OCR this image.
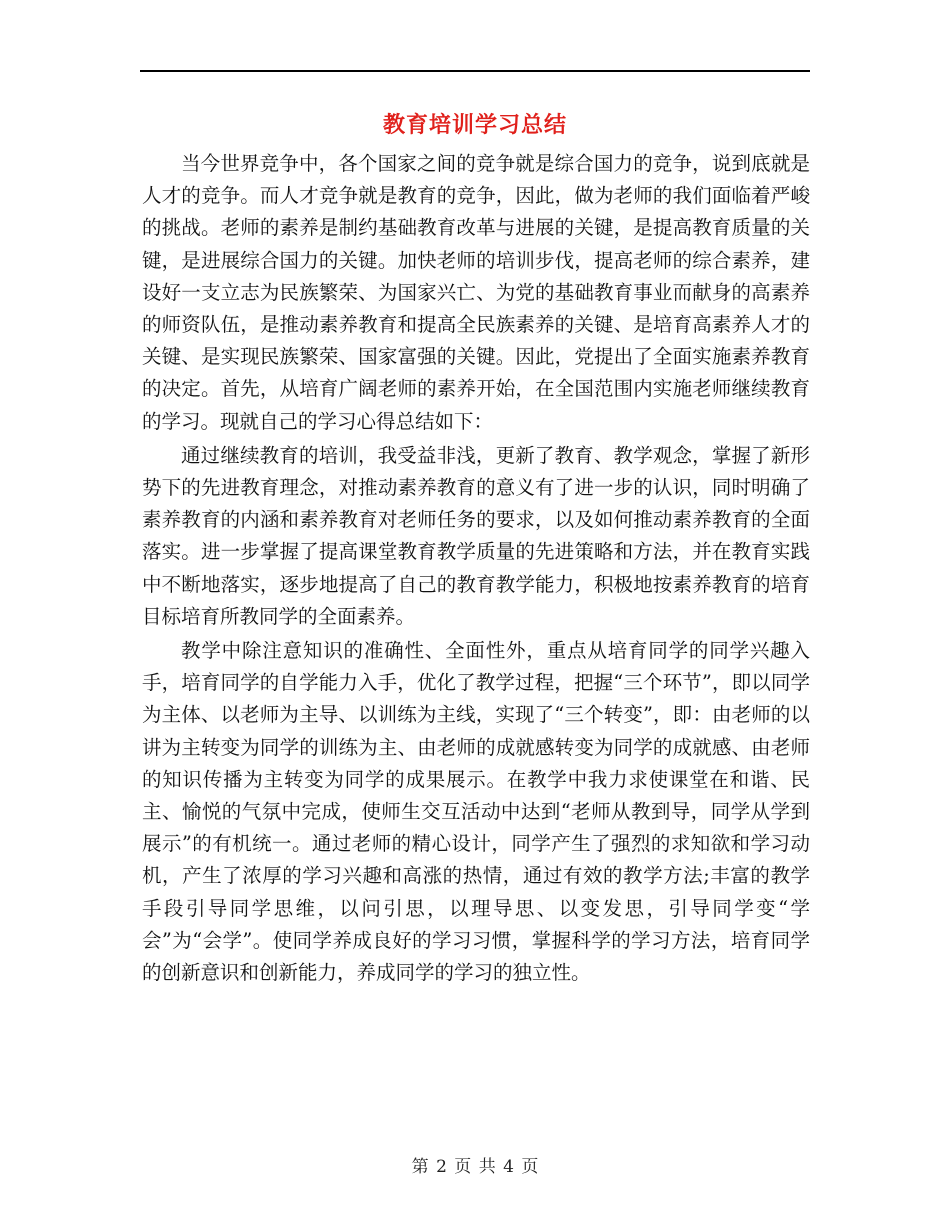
教育培训学习总结

当今世界竞争中，各个国家之间的竞争就是综合国力的竞争，说到底就是人才的竞争。而人才竞争就是教育的竞争，因此，做为老师的我们面临着严峻的挑战。老师的素养是制约基础教育改革与进展的关键，是提高教育质量的关键，是进展综合国力的关键。加快老师的培训步伐，提高老师的综合素养，建设好一支立志为民族繁荣、为国家兴亡、为党的基础教育事业而献身的高素养的师资队伍，是推动素养教育和提高全民族素养的关键、是培育高素养人才的关键、是实现民族繁荣、国家富强的关键。因此，党提出了全面实施素养教育的决定。首先，从培育广阔老师的素养开始，在全国范围内实施老师继续教育的学习。现就自己的学习心得总结如下：

通过继续教育的培训，我受益非浅，更新了教育、教学观念，掌握了新形势下的先进教育理念，对推动素养教育的意义有了进一步的认识，同时明确了素养教育的内涵和素养教育对老师任务的要求，以及如何推动素养教育的全面落实。进一步掌握了提高课堂教育教学质量的先进策略和方法，并在教育实践中不断地落实，逐步地提高了自己的教育教学能力，积极地按素养教育的培育目标培育所教同学的全面素养。

教学中除注意知识的准确性、全面性外，重点从培育同学的同学兴趣入手，培育同学的自学能力入手，优化了教学过程，把握“三个环节”，即以同学为主体、以老师为主导、以训练为主线，实现了“三个转变”，即：由老师的以讲为主转变为同学的训练为主、由老师的成就感转变为同学的成就感、由老师的知识传播为主转变为同学的成果展示。在教学中我力求使课堂在和谐、民主、愉悦的气氛中完成，使师生交互活动中达到“老师从教到导，同学从学到展示”的有机统一。通过老师的精心设计，同学产生了强烈的求知欲和学习动机，产生了浓厚的学习兴趣和高涨的热情，通过有效的教学方法;丰富的教学手段引导同学思维，以问引思，以理导思、以变发思，引导同学变“学会”为“会学”。使同学养成良好的学习习惯，掌握科学的学习方法，培育同学的创新意识和创新能力，养成同学的学习的独立性。

第 2 页 共 4 页
